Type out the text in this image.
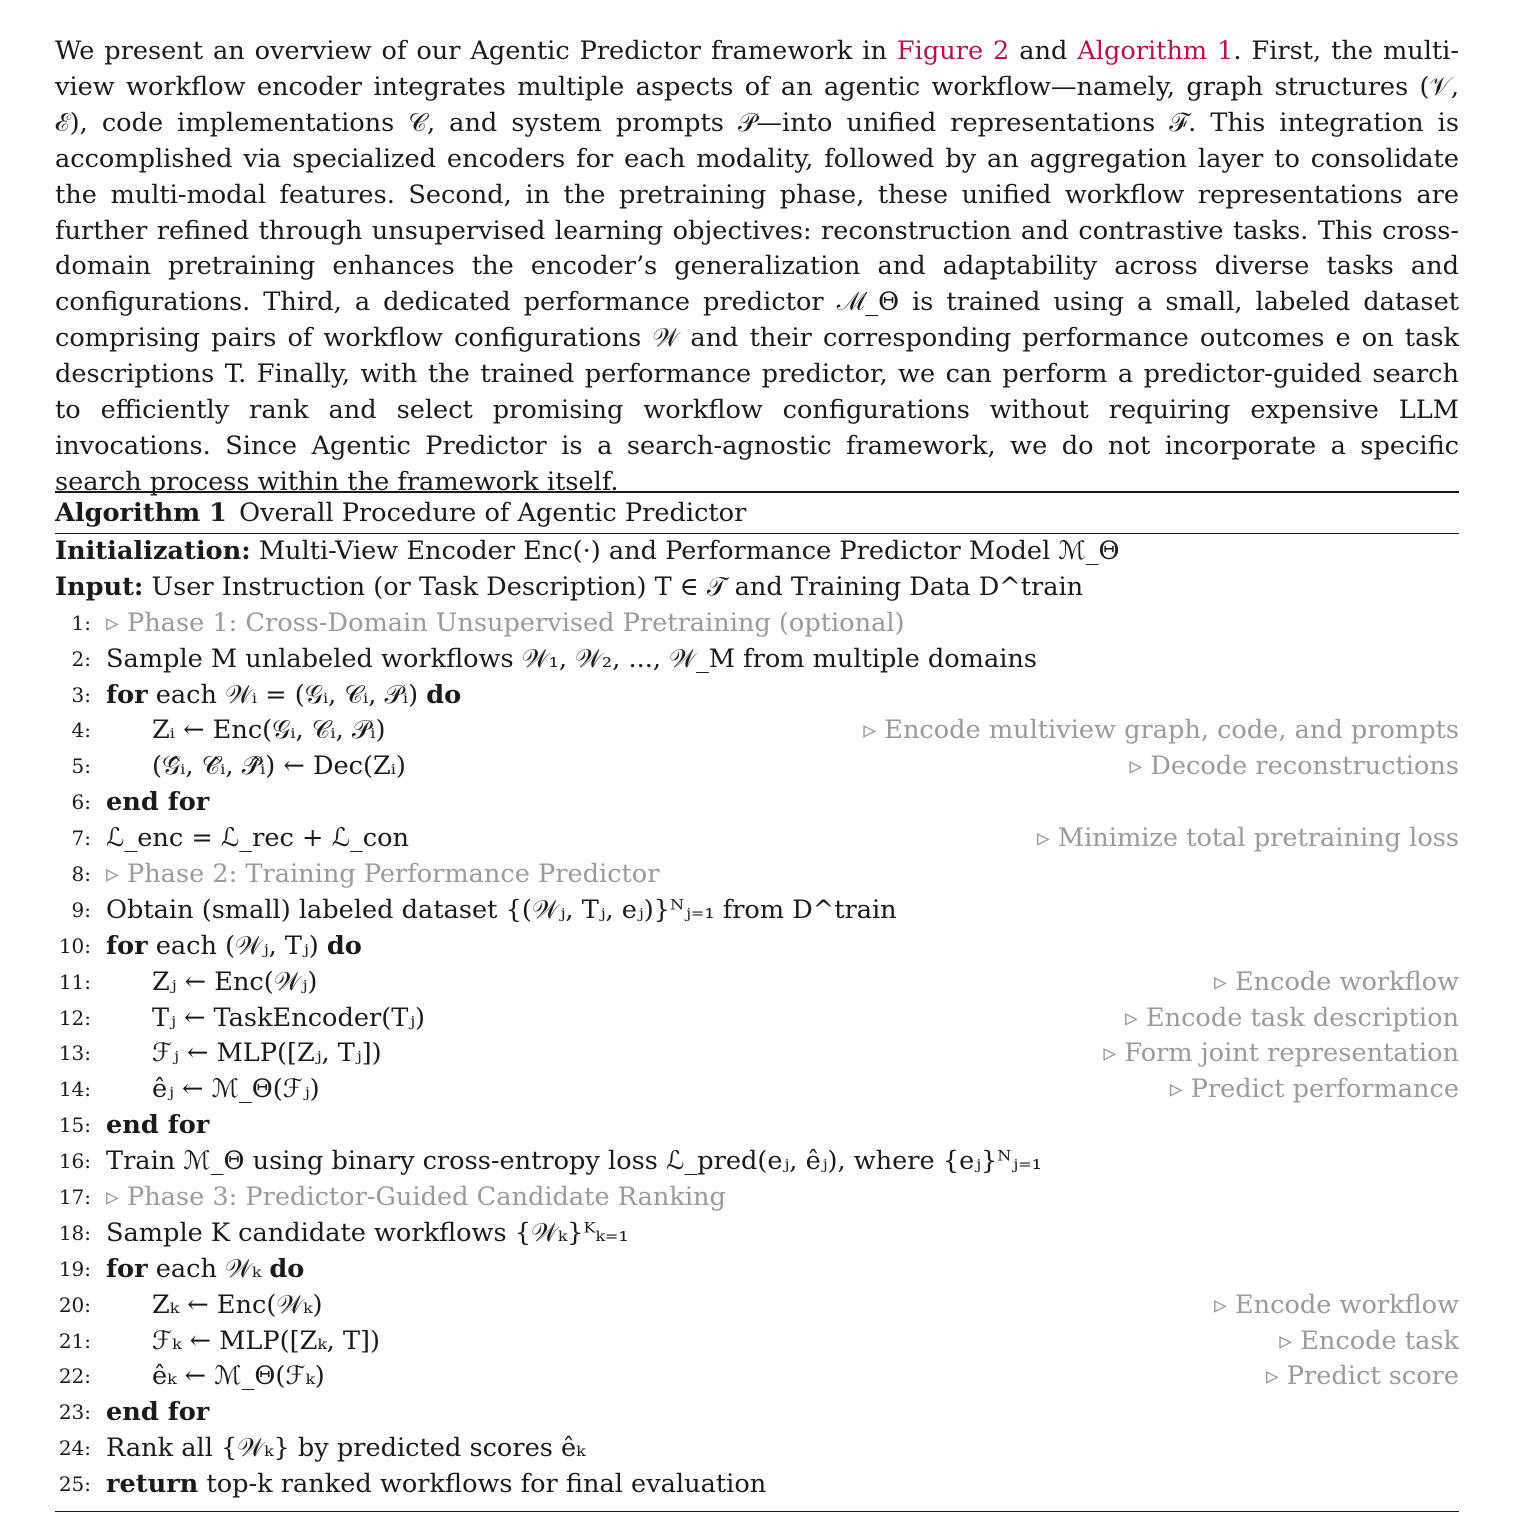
We present an overview of our Agentic Predictor framework in Figure 2 and Algorithm 1. First, the multi-view workflow encoder integrates multiple aspects of an agentic workflow—namely, graph structures (𝒱, ℰ), code implementations 𝒞, and system prompts 𝒫—into unified representations ℱ. This integration is accomplished via specialized encoders for each modality, followed by an aggregation layer to consolidate the multi-modal features. Second, in the pretraining phase, these unified workflow representations are further refined through unsupervised learning objectives: reconstruction and contrastive tasks. This cross-domain pretraining enhances the encoder’s generalization and adaptability across diverse tasks and configurations. Third, a dedicated performance predictor ℳ_Θ is trained using a small, labeled dataset comprising pairs of workflow configurations 𝒲 and their corresponding performance outcomes e on task descriptions T. Finally, with the trained performance predictor, we can perform a predictor-guided search to efficiently rank and select promising workflow configurations without requiring expensive LLM invocations. Since Agentic Predictor is a search-agnostic framework, we do not incorporate a specific search process within the framework itself.

Algorithm 1 Overall Procedure of Agentic Predictor
Initialization: Multi-View Encoder Enc(·) and Performance Predictor Model ℳ_Θ
Input: User Instruction (or Task Description) T ∈ 𝒯 and Training Data D^train
1: ▹ Phase 1: Cross-Domain Unsupervised Pretraining (optional)
2: Sample M unlabeled workflows 𝒲₁, 𝒲₂, ..., 𝒲_M from multiple domains
3: for each 𝒲ᵢ = (𝒢ᵢ, 𝒞ᵢ, 𝒫ᵢ) do
4: Zᵢ ← Enc(𝒢ᵢ, 𝒞ᵢ, 𝒫ᵢ)	▹ Encode multiview graph, code, and prompts
5: (𝒢̂ᵢ, 𝒞̂ᵢ, 𝒫̂ᵢ) ← Dec(Zᵢ)	▹ Decode reconstructions
6: end for
7: ℒ_enc = ℒ_rec + ℒ_con	▹ Minimize total pretraining loss
8: ▹ Phase 2: Training Performance Predictor
9: Obtain (small) labeled dataset {(𝒲ⱼ, Tⱼ, eⱼ)}ᴺⱼ₌₁ from D^train
10: for each (𝒲ⱼ, Tⱼ) do
11: Zⱼ ← Enc(𝒲ⱼ)	▹ Encode workflow
12: Tⱼ ← TaskEncoder(Tⱼ)	▹ Encode task description
13: ℱⱼ ← MLP([Zⱼ, Tⱼ])	▹ Form joint representation
14: êⱼ ← ℳ_Θ(ℱⱼ)	▹ Predict performance
15: end for
16: Train ℳ_Θ using binary cross-entropy loss ℒ_pred(eⱼ, êⱼ), where {eⱼ}ᴺⱼ₌₁
17: ▹ Phase 3: Predictor-Guided Candidate Ranking
18: Sample K candidate workflows {𝒲ₖ}ᴷₖ₌₁
19: for each 𝒲ₖ do
20: Zₖ ← Enc(𝒲ₖ)	▹ Encode workflow
21: ℱₖ ← MLP([Zₖ, T])	▹ Encode task
22: êₖ ← ℳ_Θ(ℱₖ)	▹ Predict score
23: end for
24: Rank all {𝒲ₖ} by predicted scores êₖ
25: return top-k ranked workflows for final evaluation
